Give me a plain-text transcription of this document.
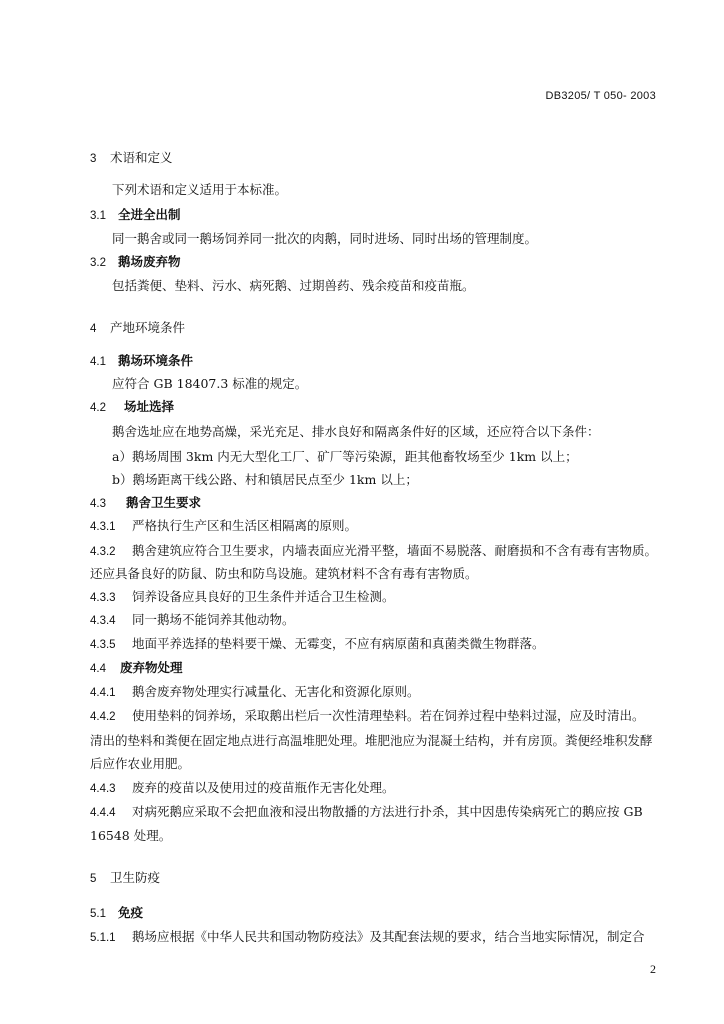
DB3205/ T 050- 2003
3 术语和定义
下列术语和定义适用于本标准。
3.1 全进全出制
同一鹅舍或同一鹅场饲养同一批次的肉鹅，同时进场、同时出场的管理制度。
3.2 鹅场废弃物
包括粪便、垫料、污水、病死鹅、过期兽药、残余疫苗和疫苗瓶。
4 产地环境条件
4.1 鹅场环境条件
应符合 GB 18407.3 标准的规定。
4.2 场址选择
鹅舍选址应在地势高燥，采光充足、排水良好和隔离条件好的区域，还应符合以下条件：
a）鹅场周围 3km 内无大型化工厂、矿厂等污染源，距其他畜牧场至少 1km 以上；
b）鹅场距离干线公路、村和镇居民点至少 1km 以上；
4.3 鹅舍卫生要求
4.3.1 严格执行生产区和生活区相隔离的原则。
4.3.2 鹅舍建筑应符合卫生要求，内墙表面应光滑平整，墙面不易脱落、耐磨损和不含有毒有害物质。
还应具备良好的防鼠、防虫和防鸟设施。建筑材料不含有毒有害物质。
4.3.3 饲养设备应具良好的卫生条件并适合卫生检测。
4.3.4 同一鹅场不能饲养其他动物。
4.3.5 地面平养选择的垫料要干燥、无霉变，不应有病原菌和真菌类微生物群落。
4.4 废弃物处理
4.4.1 鹅舍废弃物处理实行减量化、无害化和资源化原则。
4.4.2 使用垫料的饲养场，采取鹅出栏后一次性清理垫料。若在饲养过程中垫料过湿，应及时清出。
清出的垫料和粪便在固定地点进行高温堆肥处理。堆肥池应为混凝土结构，并有房顶。粪便经堆积发酵
后应作农业用肥。
4.4.3 废弃的疫苗以及使用过的疫苗瓶作无害化处理。
4.4.4 对病死鹅应采取不会把血液和浸出物散播的方法进行扑杀，其中因患传染病死亡的鹅应按 GB
16548 处理。
5 卫生防疫
5.1 免疫
5.1.1 鹅场应根据《中华人民共和国动物防疫法》及其配套法规的要求，结合当地实际情况，制定合
2
